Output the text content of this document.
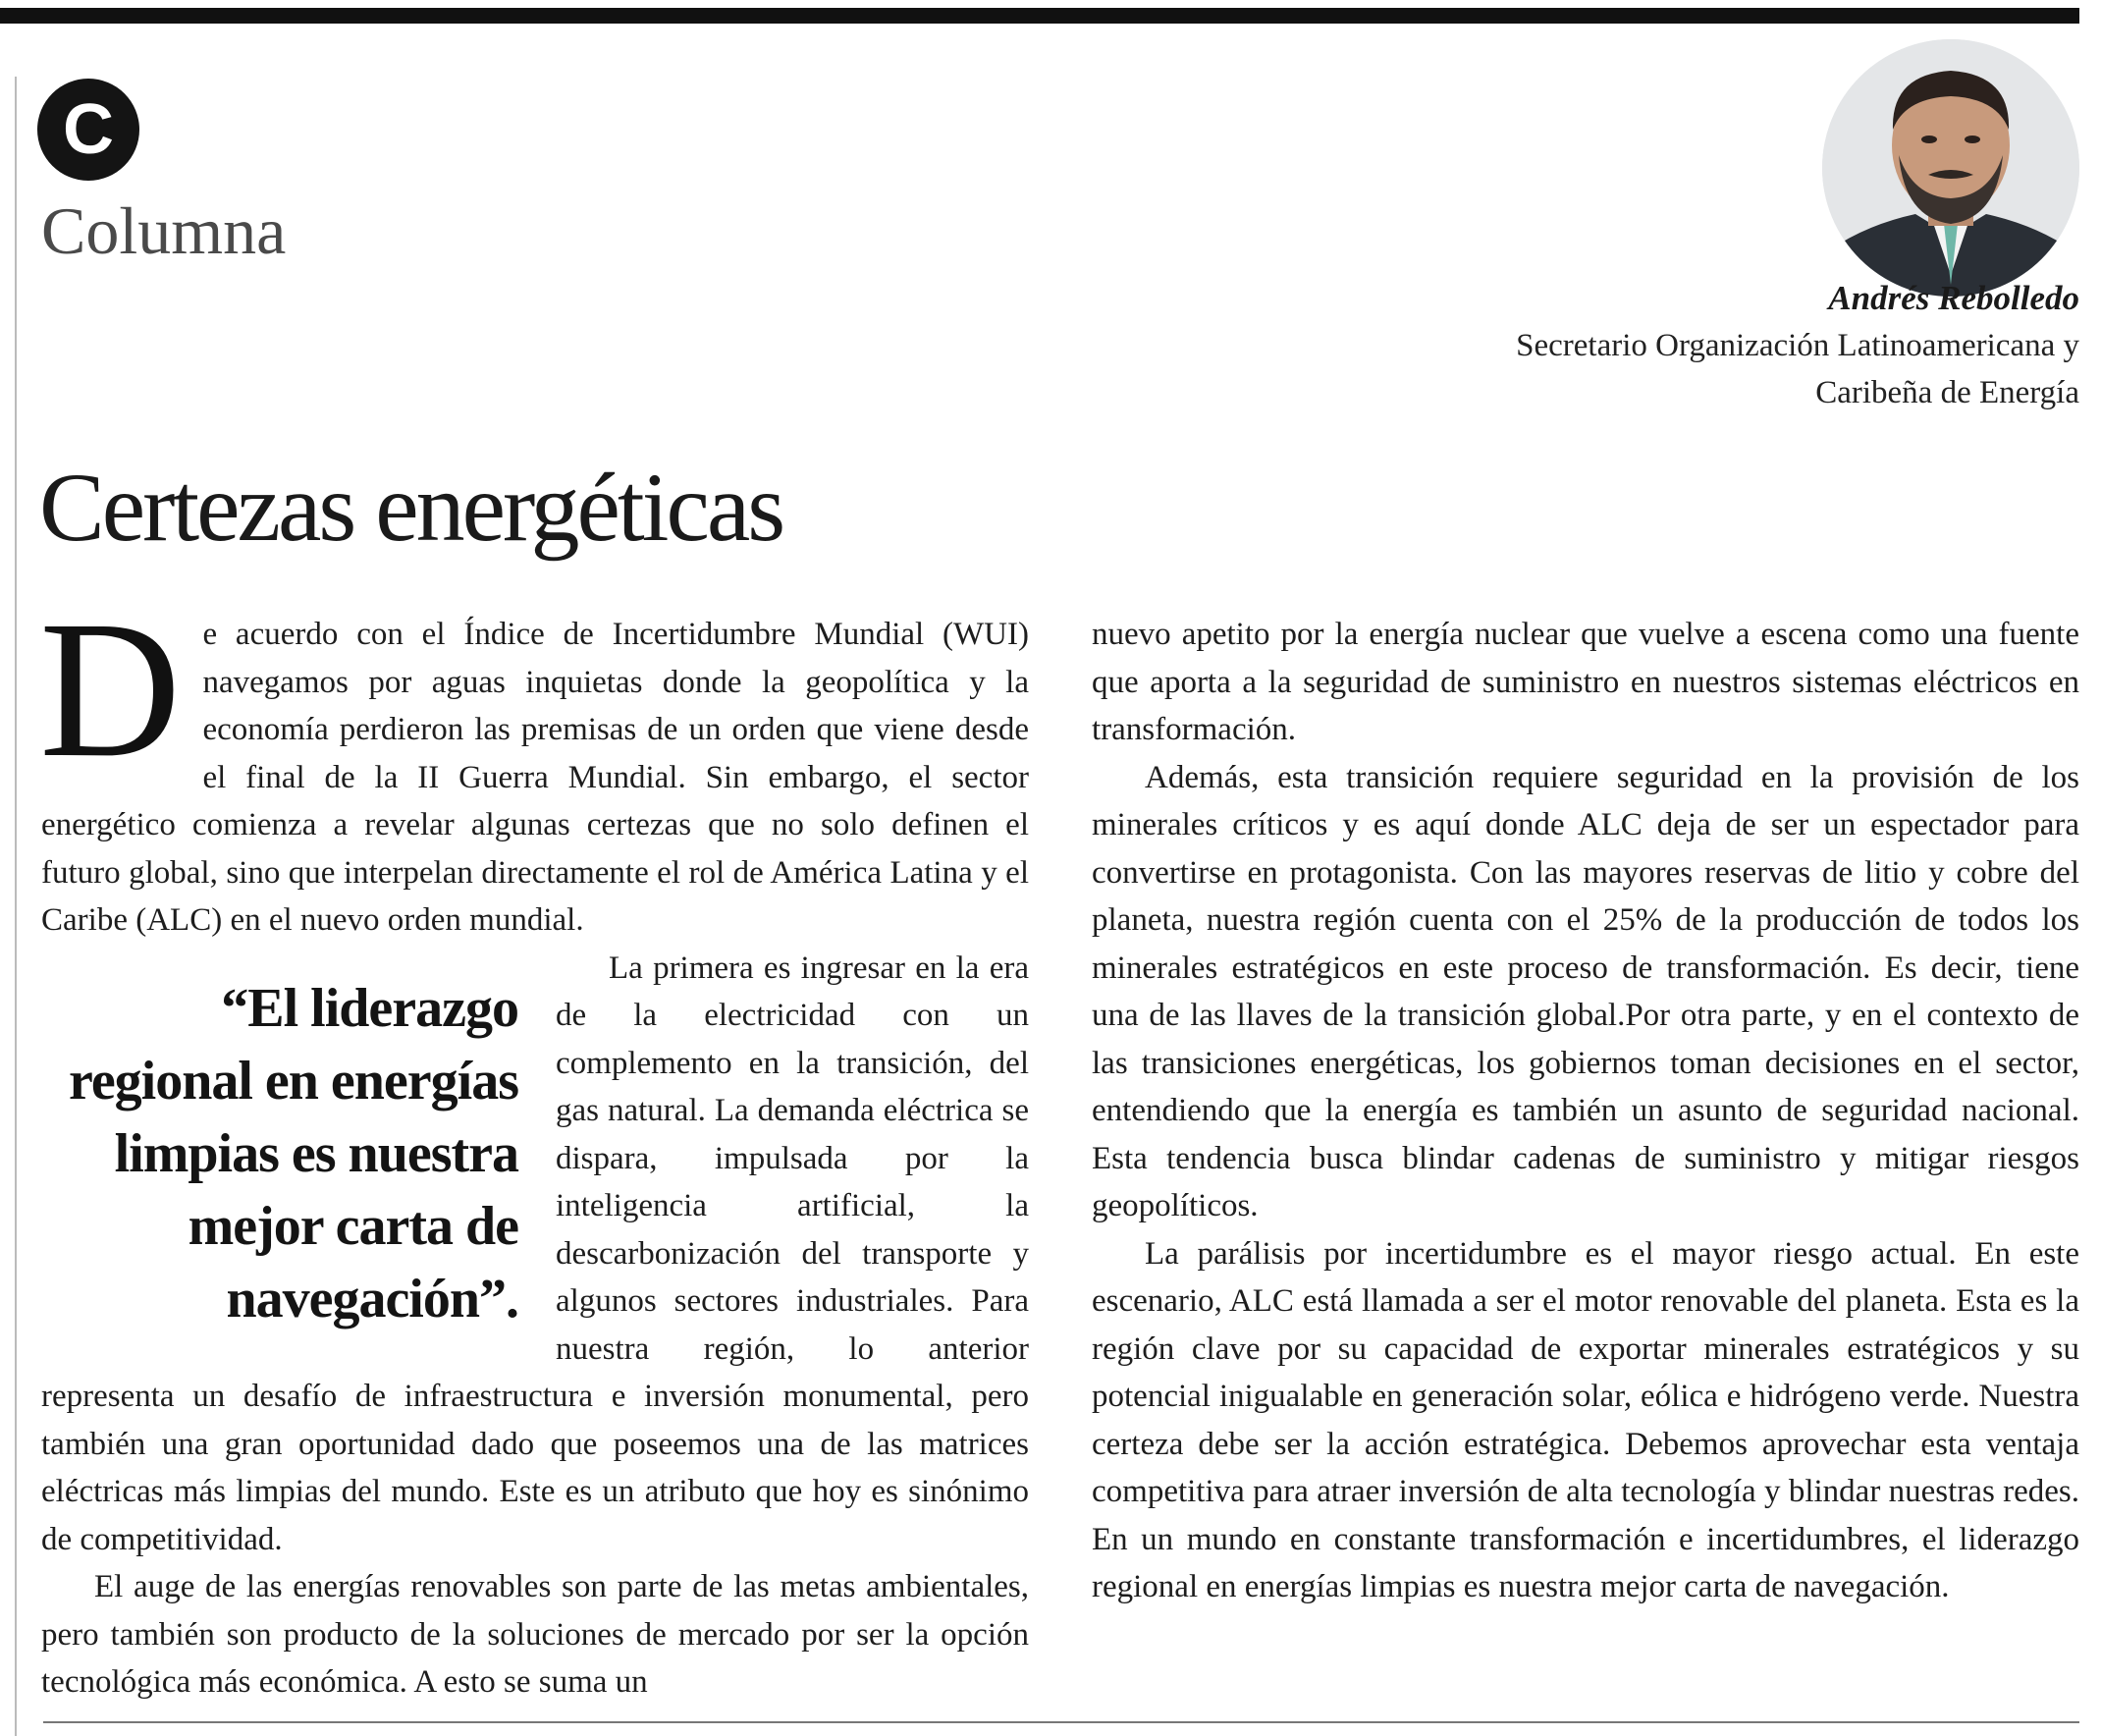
C
Columna
Andrés Rebolledo
Secretario Organización Latinoamericana y
Caribeña de Energía
Certezas energéticas

De acuerdo con el Índice de Incertidumbre Mundial (WUI) navegamos por aguas inquietas donde la geopolítica y la economía perdieron las premisas de un orden que viene desde el final de la II Guerra Mundial. Sin embargo, el sector energético comienza a revelar algunas certezas que no solo definen el futuro global, sino que interpelan directamente el rol de América Latina y el Caribe (ALC) en el nuevo orden mundial.

“El liderazgo regional en energías limpias es nuestra mejor carta de navegación”.

La primera es ingresar en la era de la electricidad con un complemento en la transición, del gas natural. La demanda eléctrica se dispara, impulsada por la inteligencia artificial, la descarbonización del transporte y algunos sectores industriales. Para nuestra región, lo anterior representa un desafío de infraestructura e inversión monumental, pero también una gran oportunidad dado que poseemos una de las matrices eléctricas más limpias del mundo. Este es un atributo que hoy es sinónimo de competitividad.

El auge de las energías renovables son parte de las metas ambientales, pero también son producto de la soluciones de mercado por ser la opción tecnológica más económica. A esto se suma un

nuevo apetito por la energía nuclear que vuelve a escena como una fuente que aporta a la seguridad de suministro en nuestros sistemas eléctricos en transformación.

Además, esta transición requiere seguridad en la provisión de los minerales críticos y es aquí donde ALC deja de ser un espectador para convertirse en protagonista. Con las mayores reservas de litio y cobre del planeta, nuestra región cuenta con el 25% de la producción de todos los minerales estratégicos en este proceso de transformación. Es decir, tiene una de las llaves de la transición global.Por otra parte, y en el contexto de las transiciones energéticas, los gobiernos toman decisiones en el sector, entendiendo que la energía es también un asunto de seguridad nacional. Esta tendencia busca blindar cadenas de suministro y mitigar riesgos geopolíticos.

La parálisis por incertidumbre es el mayor riesgo actual. En este escenario, ALC está llamada a ser el motor renovable del planeta. Esta es la región clave por su capacidad de exportar minerales estratégicos y su potencial inigualable en generación solar, eólica e hidrógeno verde. Nuestra certeza debe ser la acción estratégica. Debemos aprovechar esta ventaja competitiva para atraer inversión de alta tecnología y blindar nuestras redes. En un mundo en constante transformación e incertidumbres, el liderazgo regional en energías limpias es nuestra mejor carta de navegación.
